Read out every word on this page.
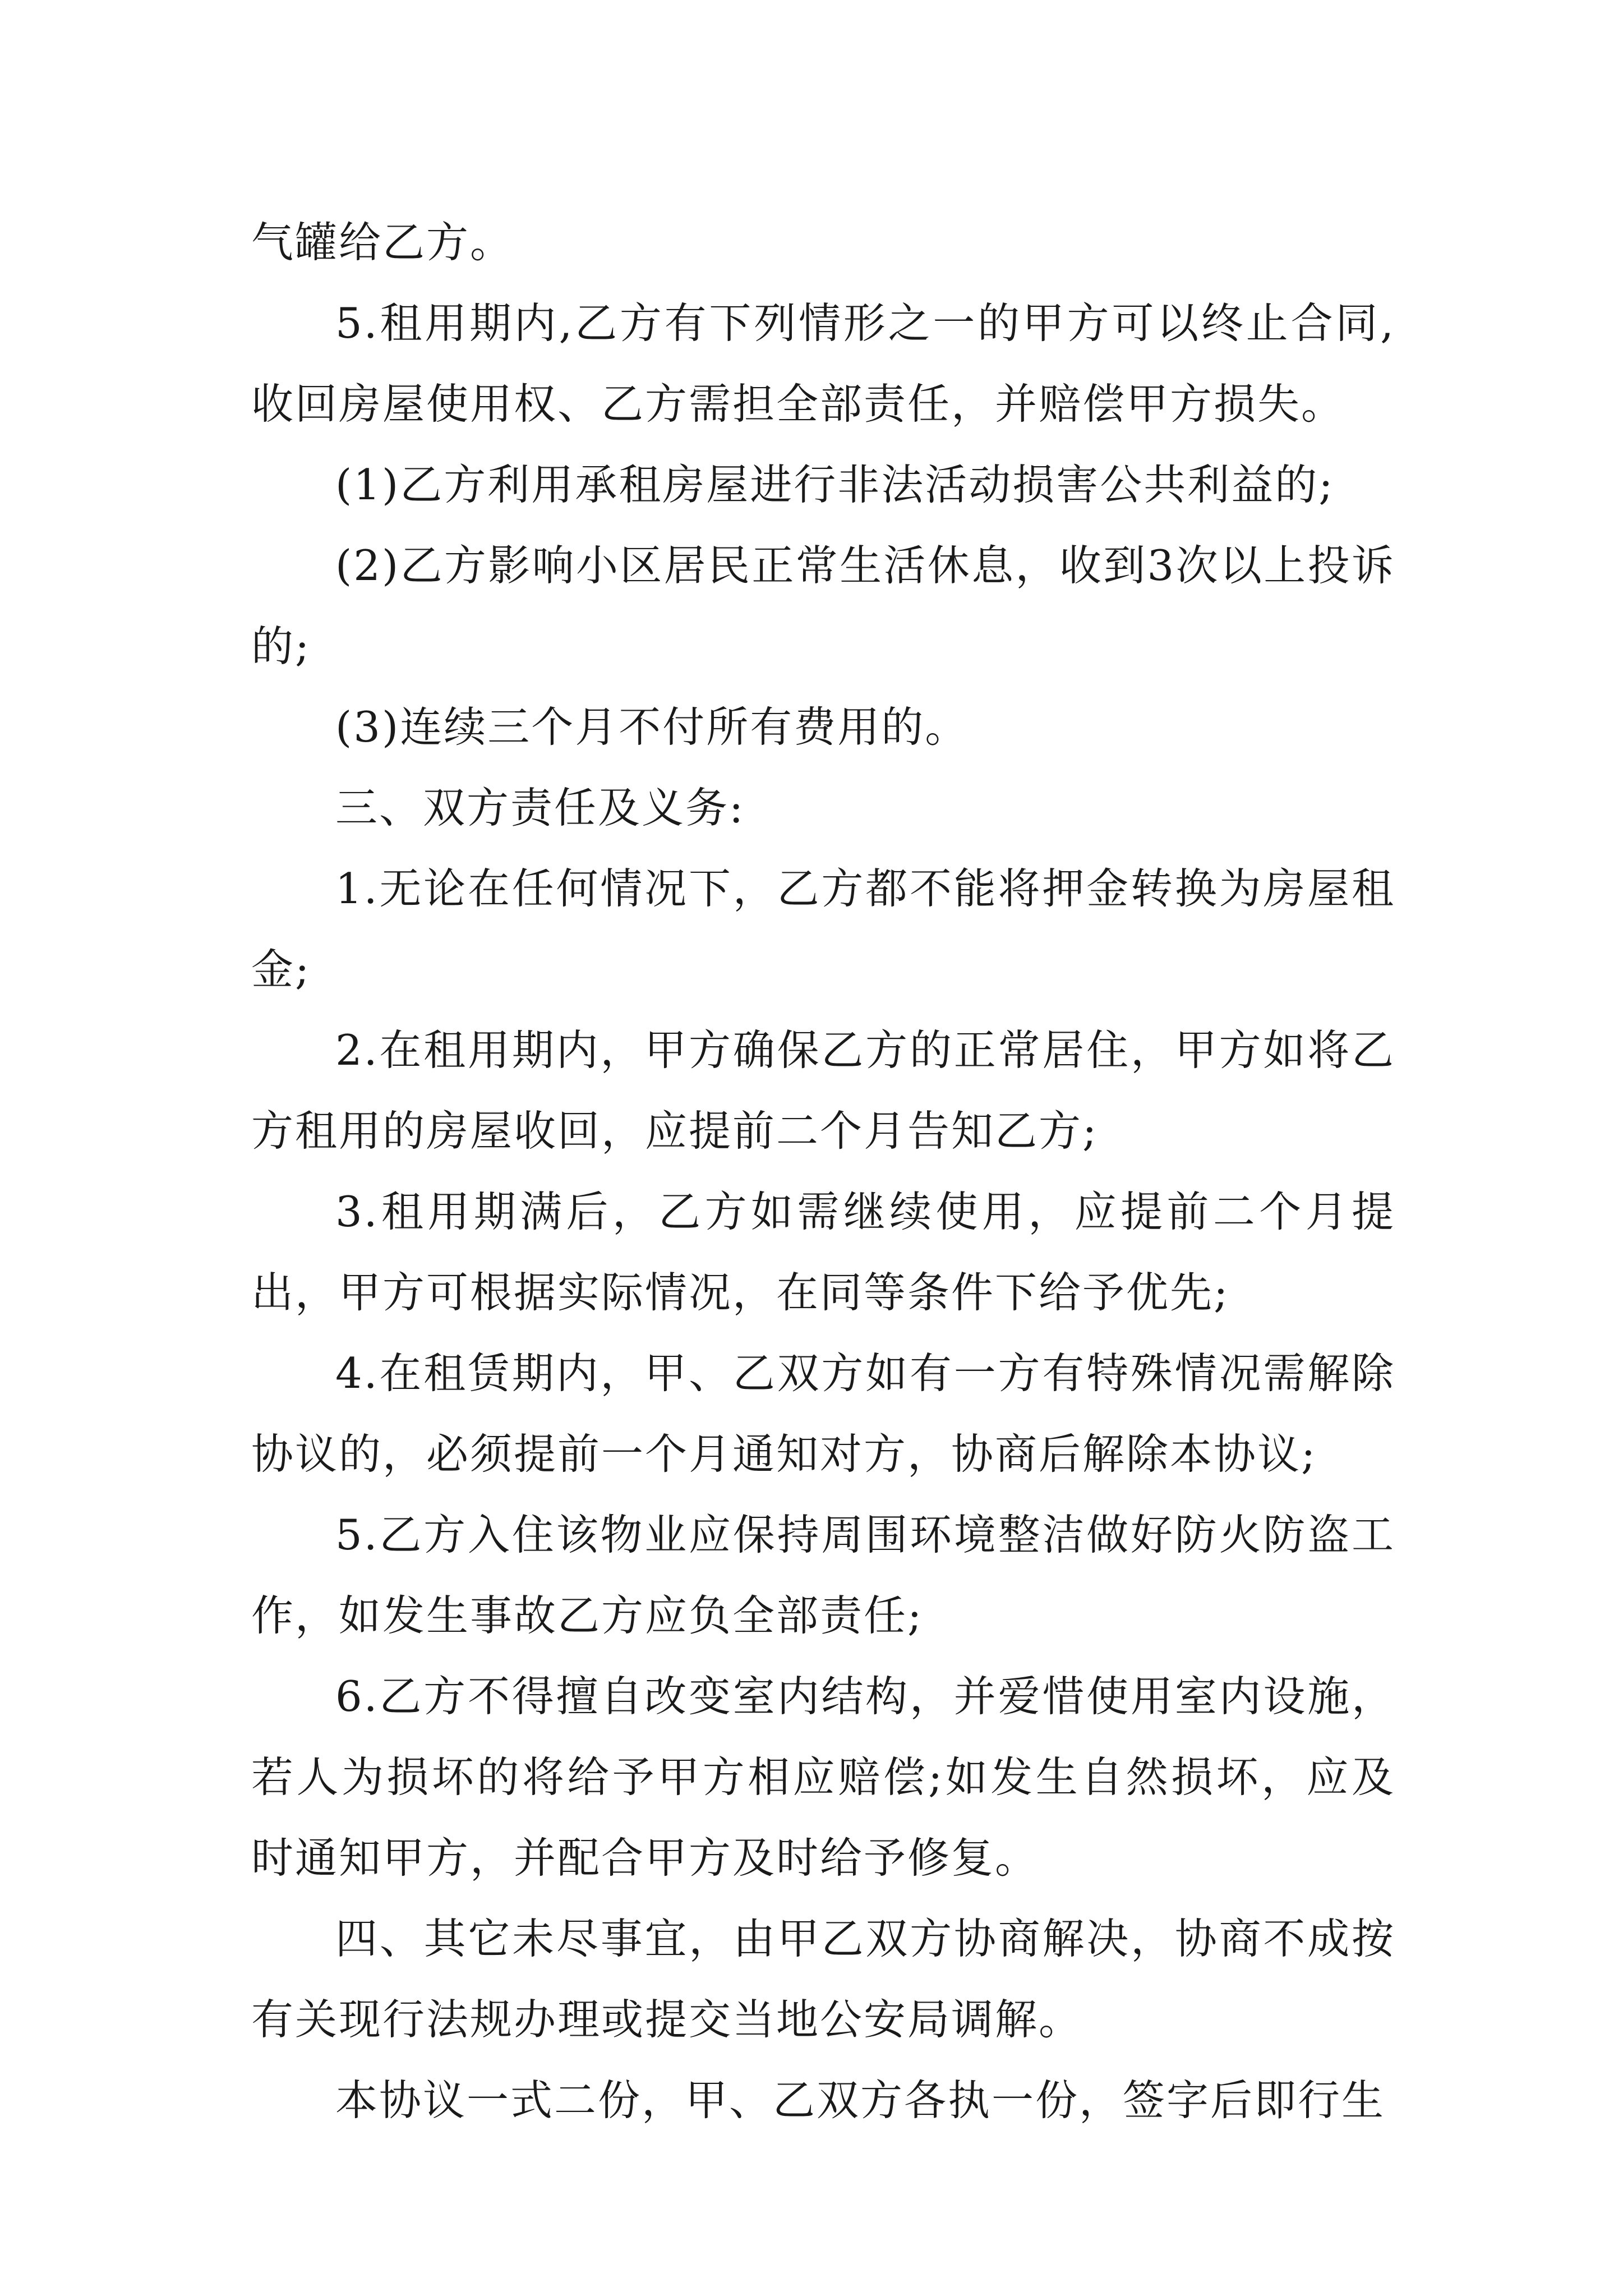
气罐给乙方。

5.租用期内,乙方有下列情形之一的甲方可以终止合同,收回房屋使用权、乙方需担全部责任，并赔偿甲方损失。

(1)乙方利用承租房屋进行非法活动损害公共利益的;

(2)乙方影响小区居民正常生活休息，收到3次以上投诉的;

(3)连续三个月不付所有费用的。

三、双方责任及义务:

1.无论在任何情况下，乙方都不能将押金转换为房屋租金;

2.在租用期内，甲方确保乙方的正常居住，甲方如将乙方租用的房屋收回，应提前二个月告知乙方;

3.租用期满后，乙方如需继续使用，应提前二个月提出，甲方可根据实际情况，在同等条件下给予优先;

4.在租赁期内，甲、乙双方如有一方有特殊情况需解除协议的，必须提前一个月通知对方，协商后解除本协议;

5.乙方入住该物业应保持周围环境整洁做好防火防盗工作，如发生事故乙方应负全部责任;

6.乙方不得擅自改变室内结构，并爱惜使用室内设施，若人为损坏的将给予甲方相应赔偿;如发生自然损坏，应及时通知甲方，并配合甲方及时给予修复。

四、其它未尽事宜，由甲乙双方协商解决，协商不成按有关现行法规办理或提交当地公安局调解。

本协议一式二份，甲、乙双方各执一份，签字后即行生
